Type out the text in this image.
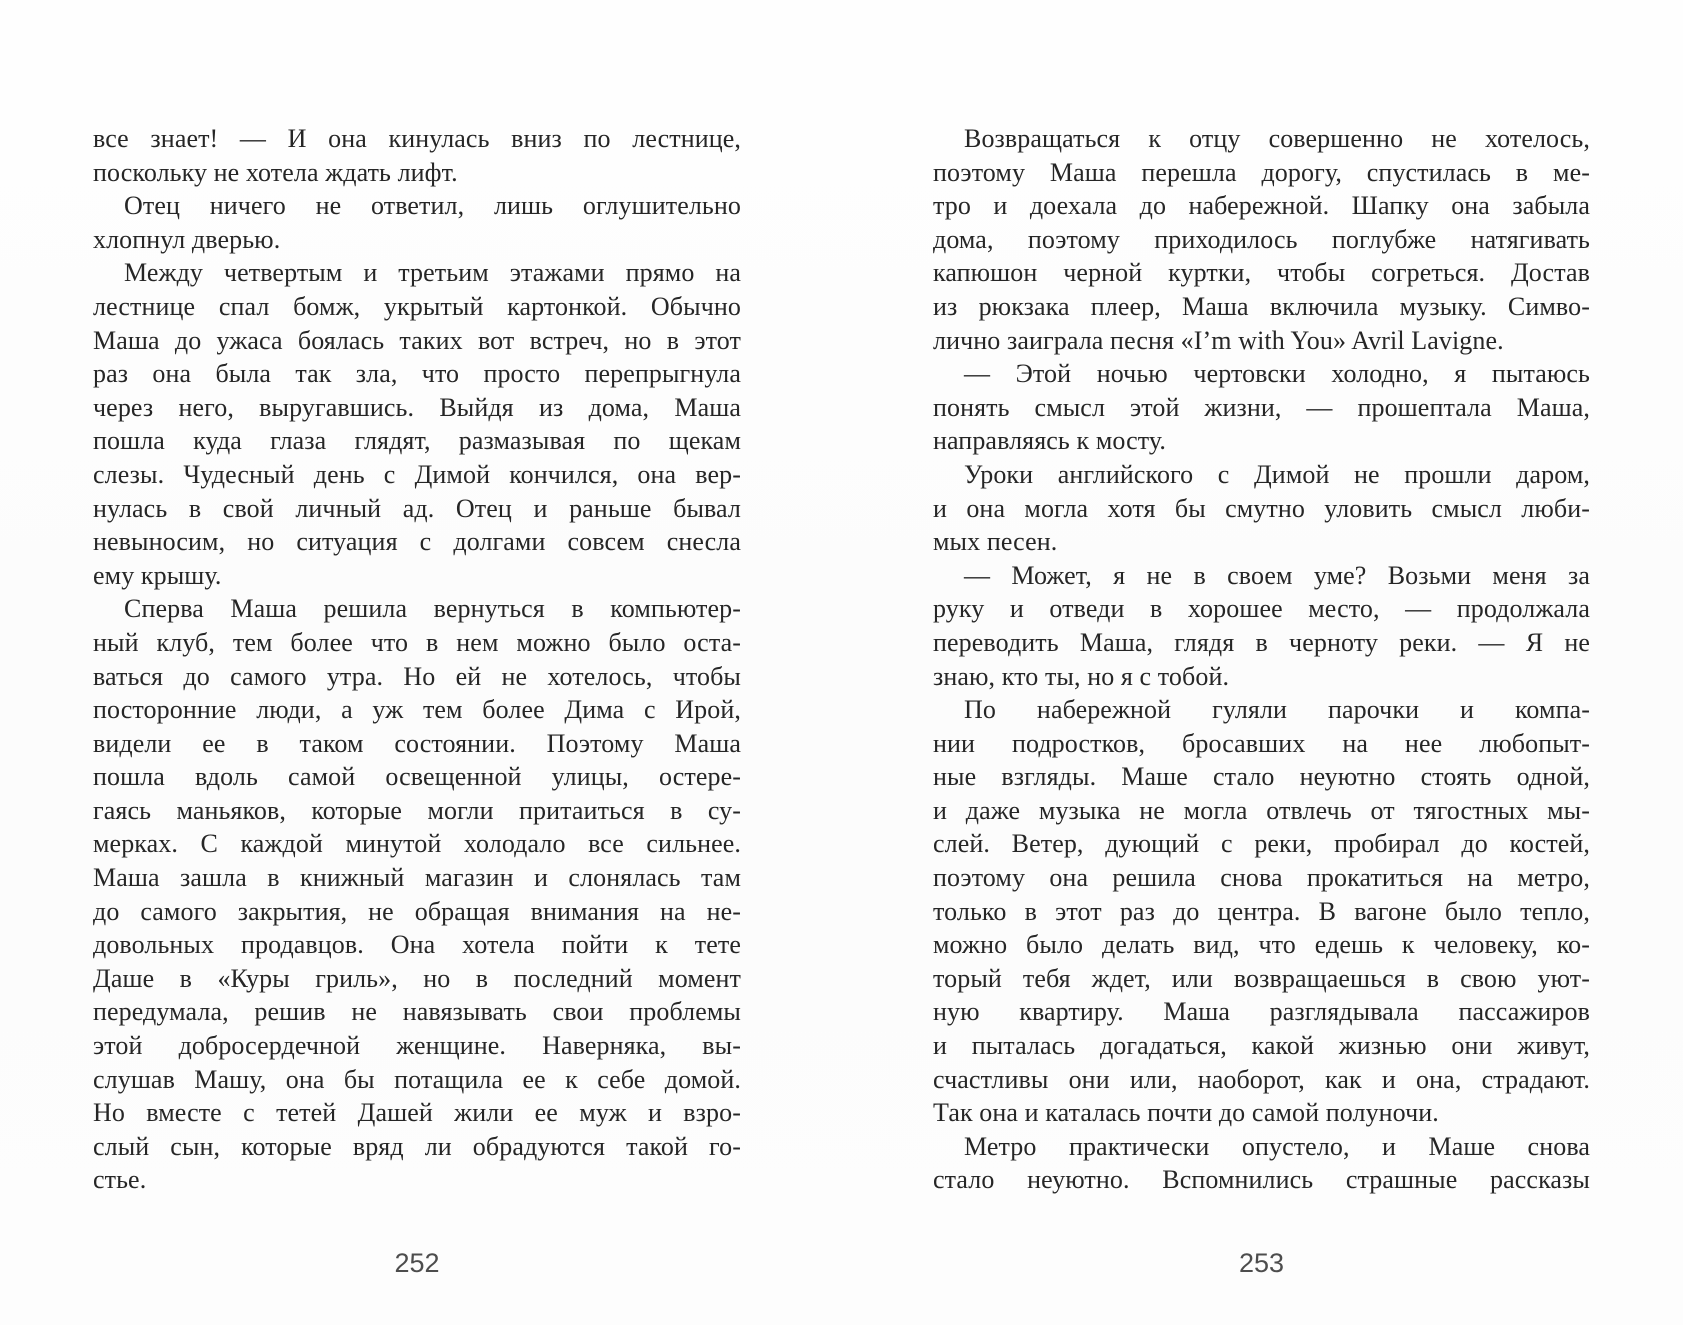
все знает! — И она кинулась вниз по лестнице,
поскольку не хотела ждать лифт.
Отец ничего не ответил, лишь оглушительно
хлопнул дверью.
Между четвертым и третьим этажами прямо на
лестнице спал бомж, укрытый картонкой. Обычно
Маша до ужаса боялась таких вот встреч, но в этот
раз она была так зла, что просто перепрыгнула
через него, выругавшись. Выйдя из дома, Маша
пошла куда глаза глядят, размазывая по щекам
слезы. Чудесный день с Димой кончился, она вер-
нулась в свой личный ад. Отец и раньше бывал
невыносим, но ситуация с долгами совсем снесла
ему крышу.
Сперва Маша решила вернуться в компьютер-
ный клуб, тем более что в нем можно было оста-
ваться до самого утра. Но ей не хотелось, чтобы
посторонние люди, а уж тем более Дима с Ирой,
видели ее в таком состоянии. Поэтому Маша
пошла вдоль самой освещенной улицы, остере-
гаясь маньяков, которые могли притаиться в су-
мерках. С каждой минутой холодало все сильнее.
Маша зашла в книжный магазин и слонялась там
до самого закрытия, не обращая внимания на не-
довольных продавцов. Она хотела пойти к тете
Даше в «Куры гриль», но в последний момент
передумала, решив не навязывать свои проблемы
этой добросердечной женщине. Наверняка, вы-
слушав Машу, она бы потащила ее к себе домой.
Но вместе с тетей Дашей жили ее муж и взро-
слый сын, которые вряд ли обрадуются такой го-
стье.
Возвращаться к отцу совершенно не хотелось,
поэтому Маша перешла дорогу, спустилась в ме-
тро и доехала до набережной. Шапку она забыла
дома, поэтому приходилось поглубже натягивать
капюшон черной куртки, чтобы согреться. Достав
из рюкзака плеер, Маша включила музыку. Симво-
лично заиграла песня «I’m with You» Avril Lavigne.
— Этой ночью чертовски холодно, я пытаюсь
понять смысл этой жизни, — прошептала Маша,
направляясь к мосту.
Уроки английского с Димой не прошли даром,
и она могла хотя бы смутно уловить смысл люби-
мых песен.
— Может, я не в своем уме? Возьми меня за
руку и отведи в хорошее место, — продолжала
переводить Маша, глядя в черноту реки. — Я не
знаю, кто ты, но я с тобой.
По набережной гуляли парочки и компа-
нии подростков, бросавших на нее любопыт-
ные взгляды. Маше стало неуютно стоять одной,
и даже музыка не могла отвлечь от тягостных мы-
слей. Ветер, дующий с реки, пробирал до костей,
поэтому она решила снова прокатиться на метро,
только в этот раз до центра. В вагоне было тепло,
можно было делать вид, что едешь к человеку, ко-
торый тебя ждет, или возвращаешься в свою уют-
ную квартиру. Маша разглядывала пассажиров
и пыталась догадаться, какой жизнью они живут,
счастливы они или, наоборот, как и она, страдают.
Так она и каталась почти до самой полуночи.
Метро практически опустело, и Маше снова
стало неуютно. Вспомнились страшные рассказы
252	253
